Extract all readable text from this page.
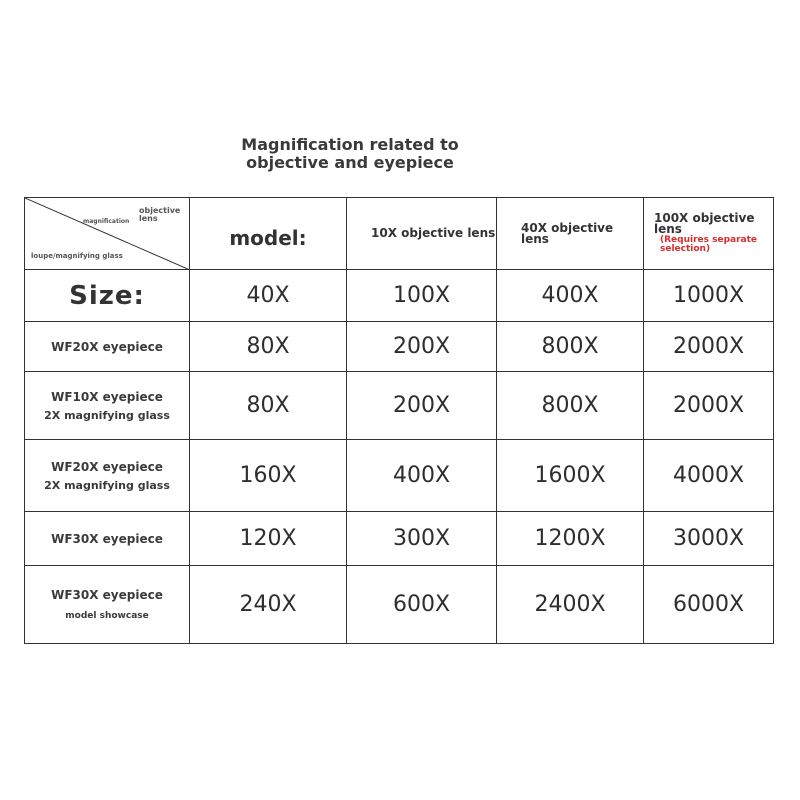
Magnification related to
objective and eyepiece
objective lens
magnification
loupe/magnifying glass	model:	10X objective lens	40X objective lens	100X objective lens
(Requires separate selection)

Size:	40X	100X	400X	1000X
WF20X eyepiece	80X	200X	800X	2000X
WF10X eyepiece
2X magnifying glass	80X	200X	800X	2000X
WF20X eyepiece
2X magnifying glass	160X	400X	1600X	4000X
WF30X eyepiece	120X	300X	1200X	3000X
WF30X eyepiece
model showcase	240X	600X	2400X	6000X
